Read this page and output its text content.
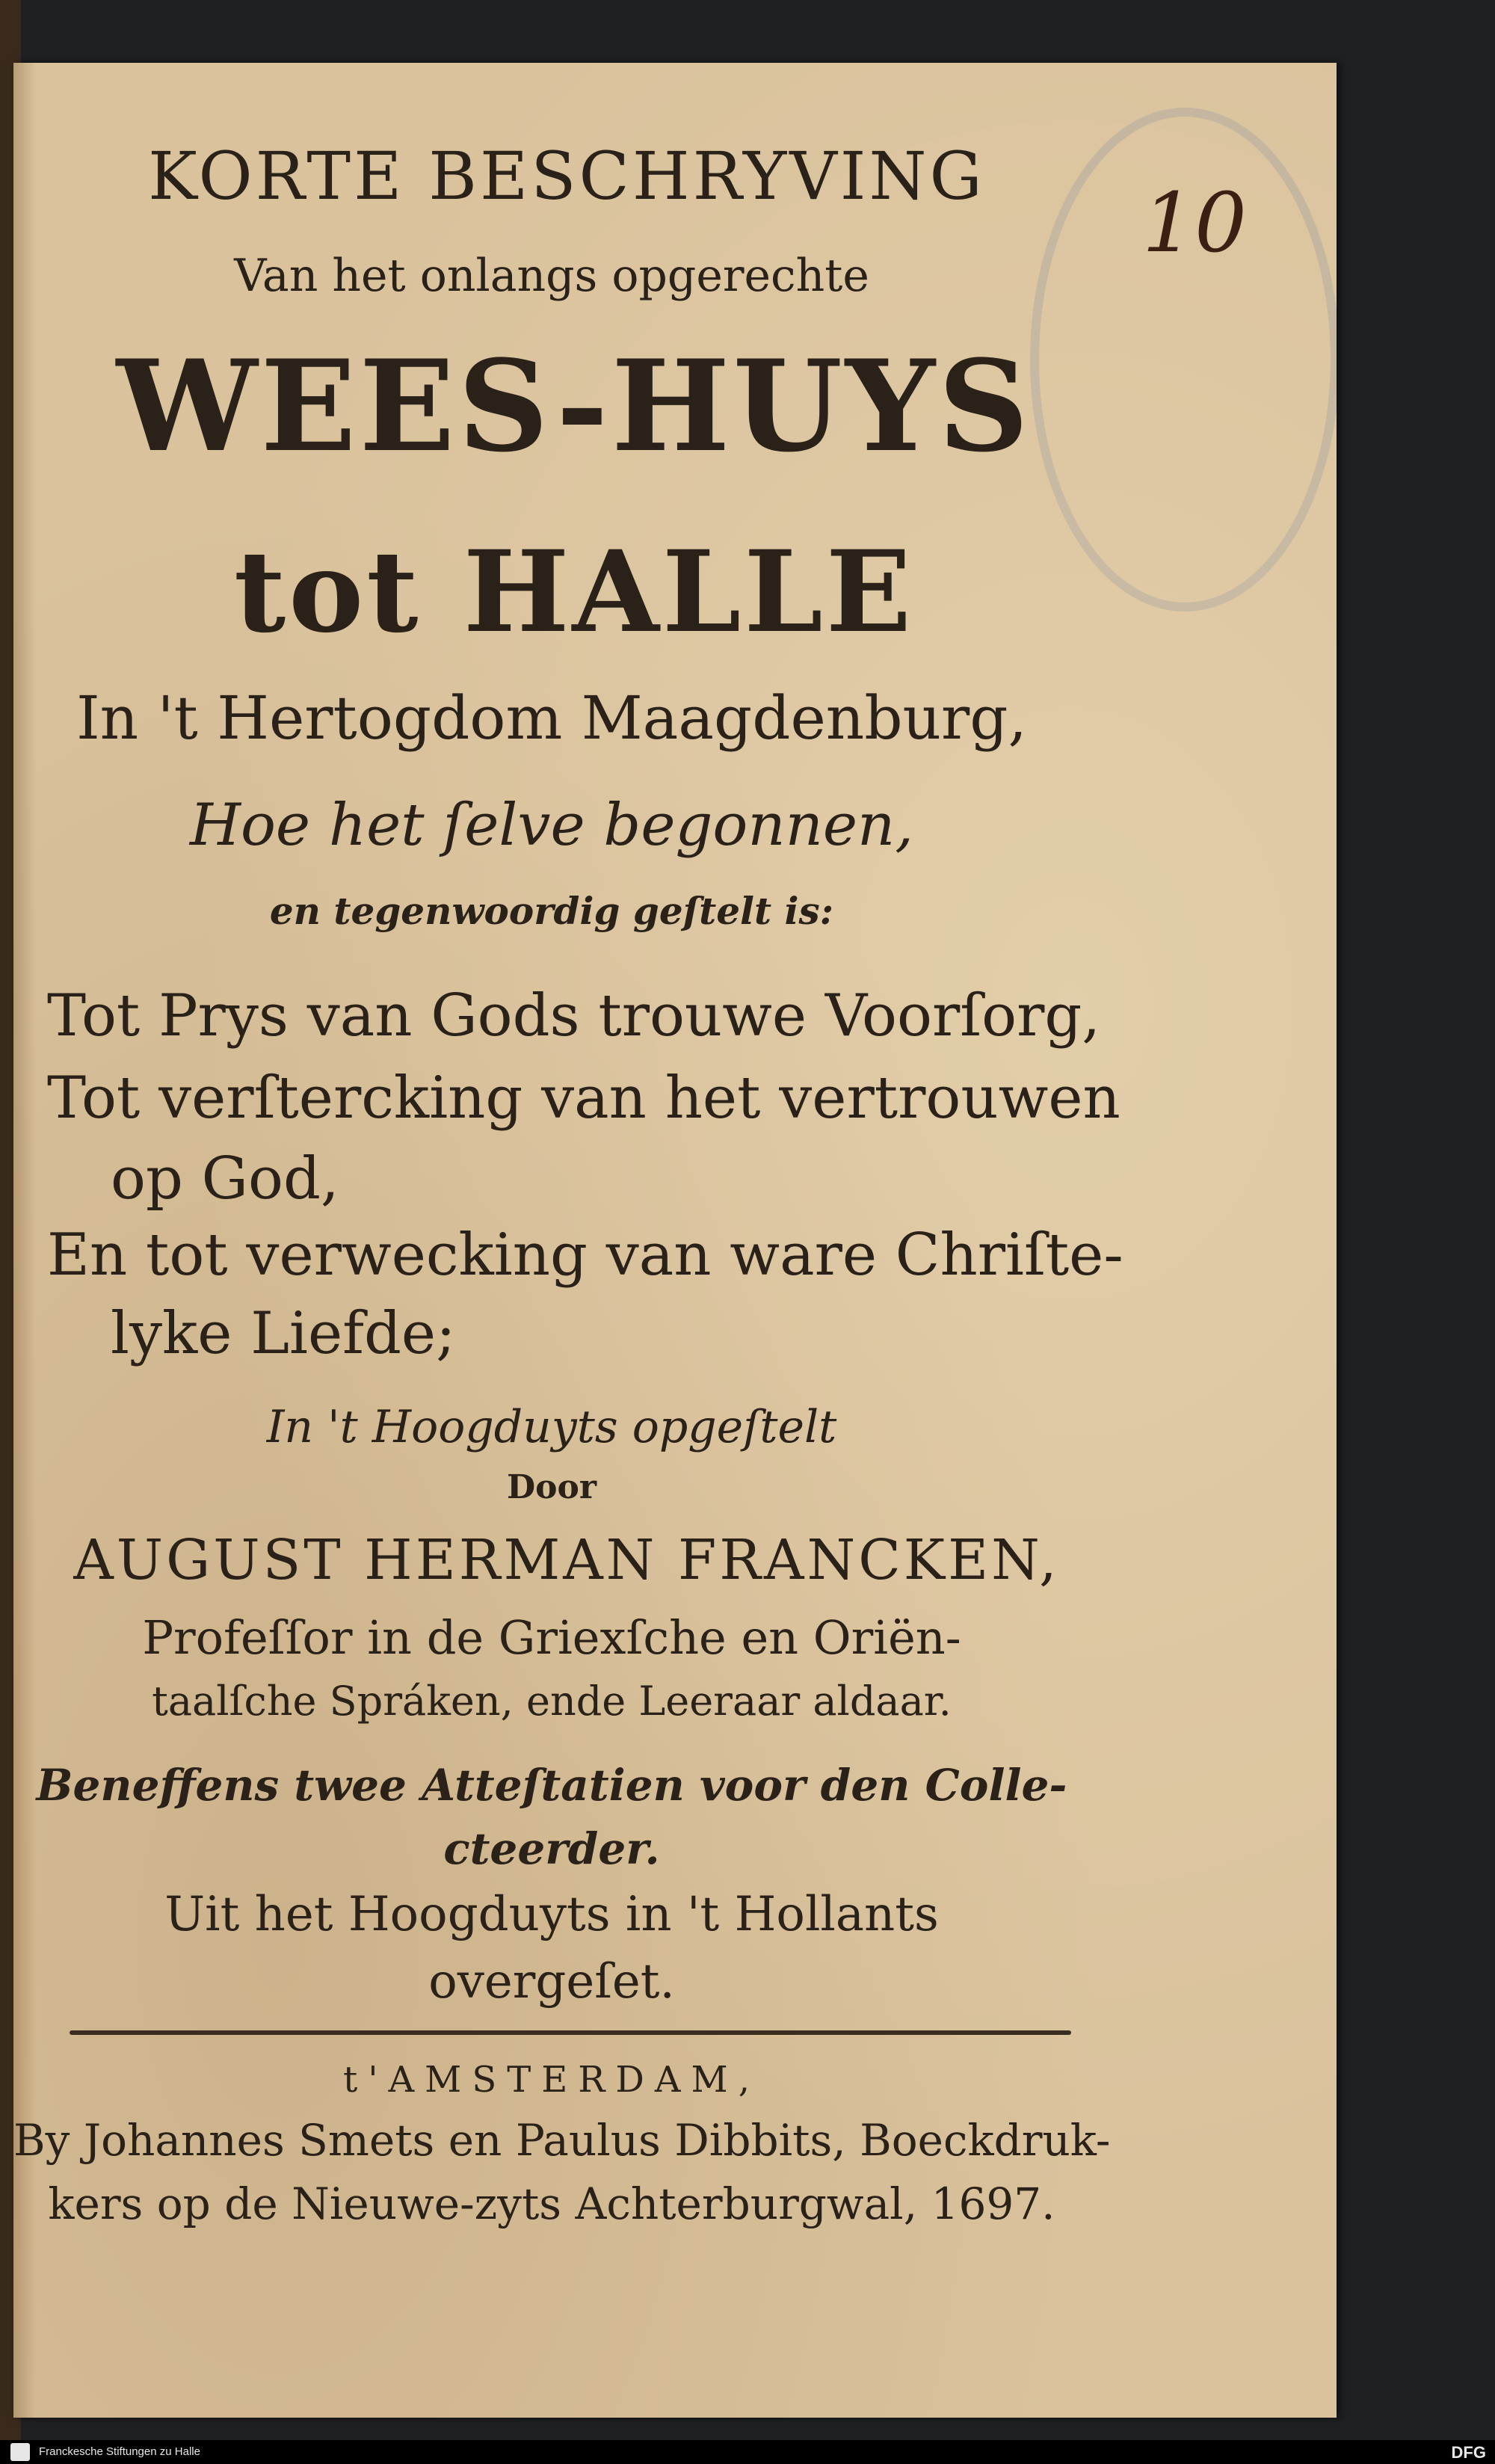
KORTE BESCHRYVING
Van het onlangs opgerechte
WEES-HUYS
tot HALLE
In 't Hertogdom Maagdenburg,
Hoe het ſelve begonnen,
en tegenwoordig geſtelt is:
Tot Prys van Gods trouwe Voorſorg,
Tot verſtercking van het vertrouwen
op God,
En tot verwecking van ware Chriſte-
lyke Liefde;
In 't Hoogduyts opgeſtelt
Door
AUGUST HERMAN FRANCKEN,
Profeſſor in de Griexſche en Oriën-
taalſche Spráken, ende Leeraar aldaar.
Beneffens twee Atteſtatien voor den Colle-
cteerder.
Uit het Hoogduyts in 't Hollants
overgeſet.
t'AMSTERDAM,
By Johannes Smets en Paulus Dibbits, Boeckdruk-
kers op de Nieuwe-zyts Achterburgwal, 1697.
10
Franckesche Stiftungen zu Halle	DFG
